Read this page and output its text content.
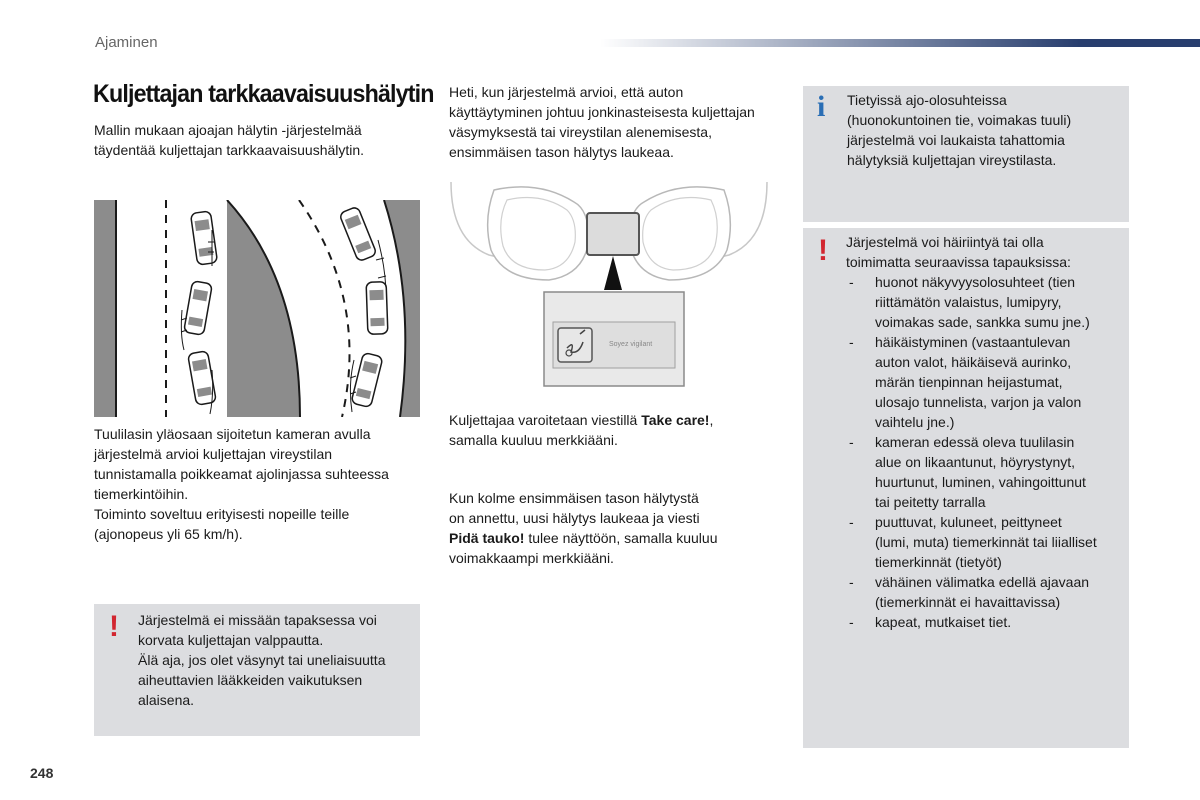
Ajaminen
Kuljettajan tarkkaavaisuushälytin
Mallin mukaan ajoajan hälytin -järjestelmää
täydentää kuljettajan tarkkaavaisuushälytin.
Tuulilasin yläosaan sijoitetun kameran avulla
järjestelmä arvioi kuljettajan vireystilan
tunnistamalla poikkeamat ajolinjassa suhteessa
tiemerkintöihin.
Toiminto soveltuu erityisesti nopeille teille
(ajonopeus yli 65 km/h).
! Järjestelmä ei missään tapaksessa voi
korvata kuljettajan valppautta.
Älä aja, jos olet väsynyt tai uneliaisuutta
aiheuttavien lääkkeiden vaikutuksen
alaisena.
Heti, kun järjestelmä arvioi, että auton
käyttäytyminen johtuu jonkinasteisesta kuljettajan
väsymyksestä tai vireystilan alenemisesta,
ensimmäisen tason hälytys laukeaa.
Soyez vigilant
Kuljettajaa varoitetaan viestillä Take care!,
samalla kuuluu merkkiääni.
Kun kolme ensimmäisen tason hälytystä
on annettu, uusi hälytys laukeaa ja viesti
Pidä tauko! tulee näyttöön, samalla kuuluu
voimakkaampi merkkiääni.
i Tietyissä ajo-olosuhteissa
(huonokuntoinen tie, voimakas tuuli)
järjestelmä voi laukaista tahattomia
hälytyksiä kuljettajan vireystilasta.
! Järjestelmä voi häiriintyä tai olla
toimimatta seuraavissa tapauksissa:
- huonot näkyvyysolosuhteet (tien
riittämätön valaistus, lumipyry,
voimakas sade, sankka sumu jne.)
- häikäistyminen (vastaantulevan
auton valot, häikäisevä aurinko,
märän tienpinnan heijastumat,
ulosajo tunnelista, varjon ja valon
vaihtelu jne.)
- kameran edessä oleva tuulilasin
alue on likaantunut, höyrystynyt,
huurtunut, luminen, vahingoittunut
tai peitetty tarralla
- puuttuvat, kuluneet, peittyneet
(lumi, muta) tiemerkinnät tai liialliset
tiemerkinnät (tietyöt)
- vähäinen välimatka edellä ajavaan
(tiemerkinnät ei havaittavissa)
- kapeat, mutkaiset tiet.
248
